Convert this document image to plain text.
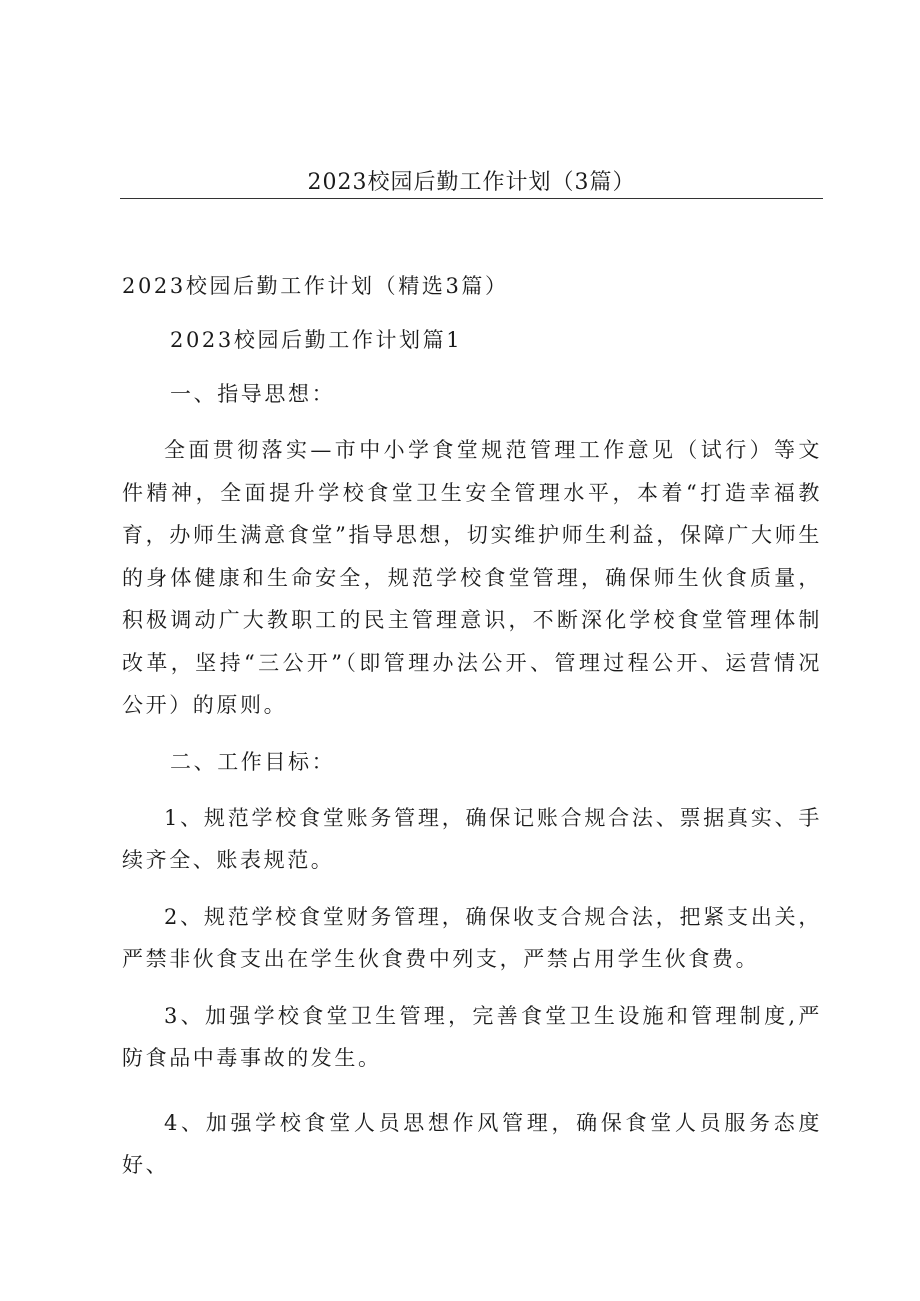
2023校园后勤工作计划（3篇）
2023校园后勤工作计划（精选3篇）
2023校园后勤工作计划篇1
一、指导思想：

全面贯彻落实—市中小学食堂规范管理工作意见（试行）等文件精神，全面提升学校食堂卫生安全管理水平，本着“打造幸福教育，办师生满意食堂”指导思想，切实维护师生利益，保障广大师生的身体健康和生命安全，规范学校食堂管理，确保师生伙食质量，积极调动广大教职工的民主管理意识，不断深化学校食堂管理体制改革，坚持“三公开”（即管理办法公开、管理过程公开、运营情况公开）的原则。

二、工作目标：

1、规范学校食堂账务管理，确保记账合规合法、票据真实、手续齐全、账表规范。

2、规范学校食堂财务管理，确保收支合规合法，把紧支出关，严禁非伙食支出在学生伙食费中列支，严禁占用学生伙食费。

3、加强学校食堂卫生管理，完善食堂卫生设施和管理制度,严防食品中毒事故的发生。

4、加强学校食堂人员思想作风管理，确保食堂人员服务态度好、
